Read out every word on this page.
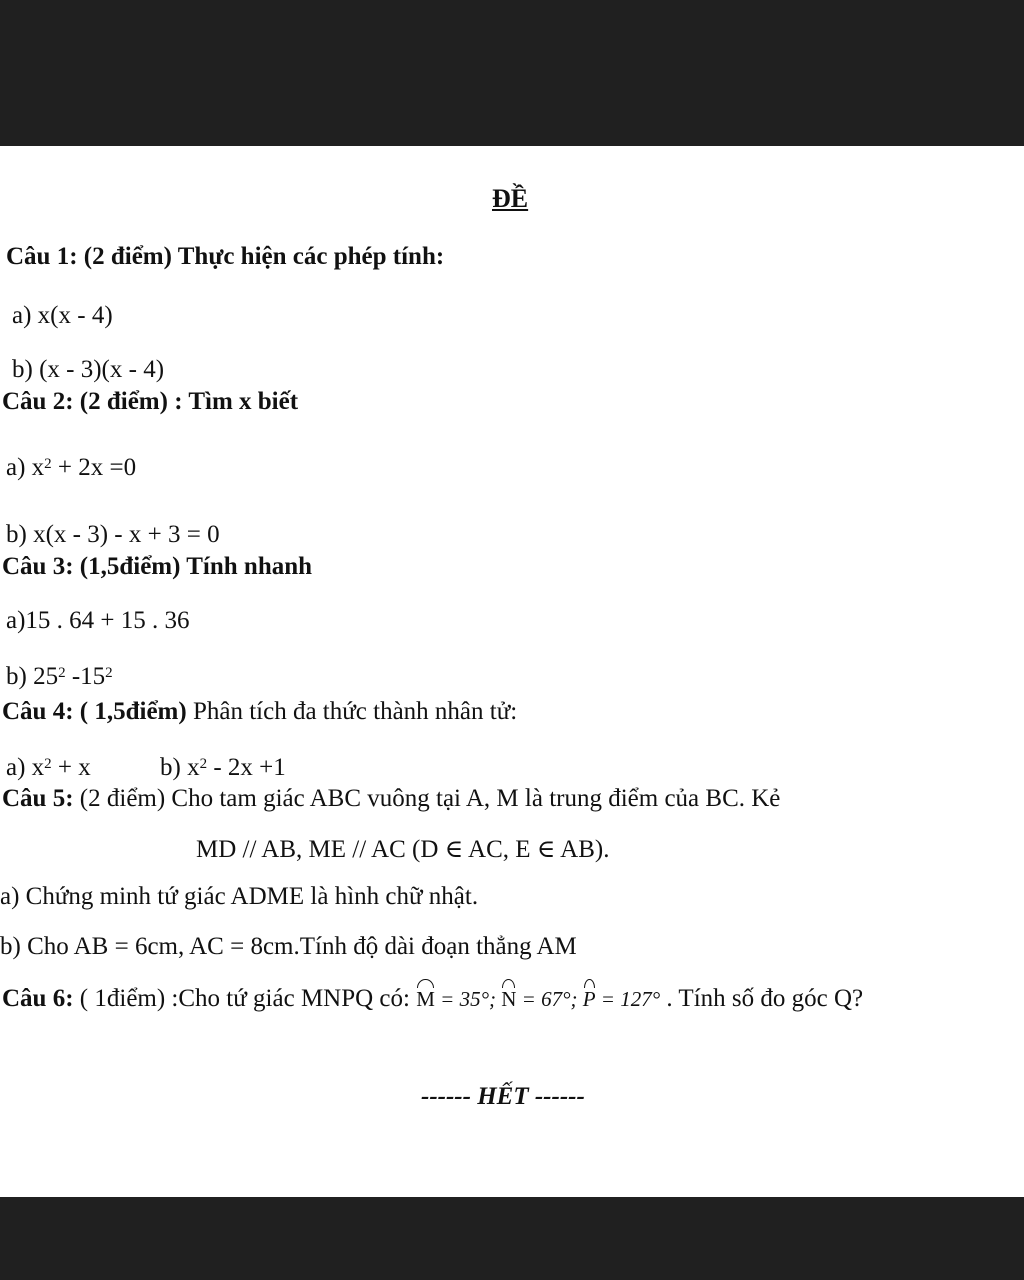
ĐỀ
Câu 1: (2 điểm) Thực hiện các phép tính:
a) x(x - 4)
b) (x - 3)(x - 4)
Câu 2: (2 điểm) : Tìm x biết
a) $x^2 + 2x =0$
b) x(x - 3) - x + 3 = 0
Câu 3: (1,5điểm) Tính nhanh
a)15 . 64 + 15 . 36
b) $25^2$ $-15^2$
Câu 4: ( 1,5điểm) Phân tích đa thức thành nhân tử:
a) $x^2 + x$	b) $x^2 - 2x +1$
Câu 5: (2 điểm) Cho tam giác ABC vuông tại A, M là trung điểm của BC. Kẻ
MD // AB, ME // AC (D ∈ AC, E ∈ AB).
a) Chứng minh tứ giác ADME là hình chữ nhật.
b) Cho AB = 6cm, AC = 8cm.Tính độ dài đoạn thẳng AM
Câu 6: ( 1điểm) :Cho tứ giác MNPQ có: M = 35°; N = 67°; P = 127° . Tính số đo góc Q?
------ HẾT ------
